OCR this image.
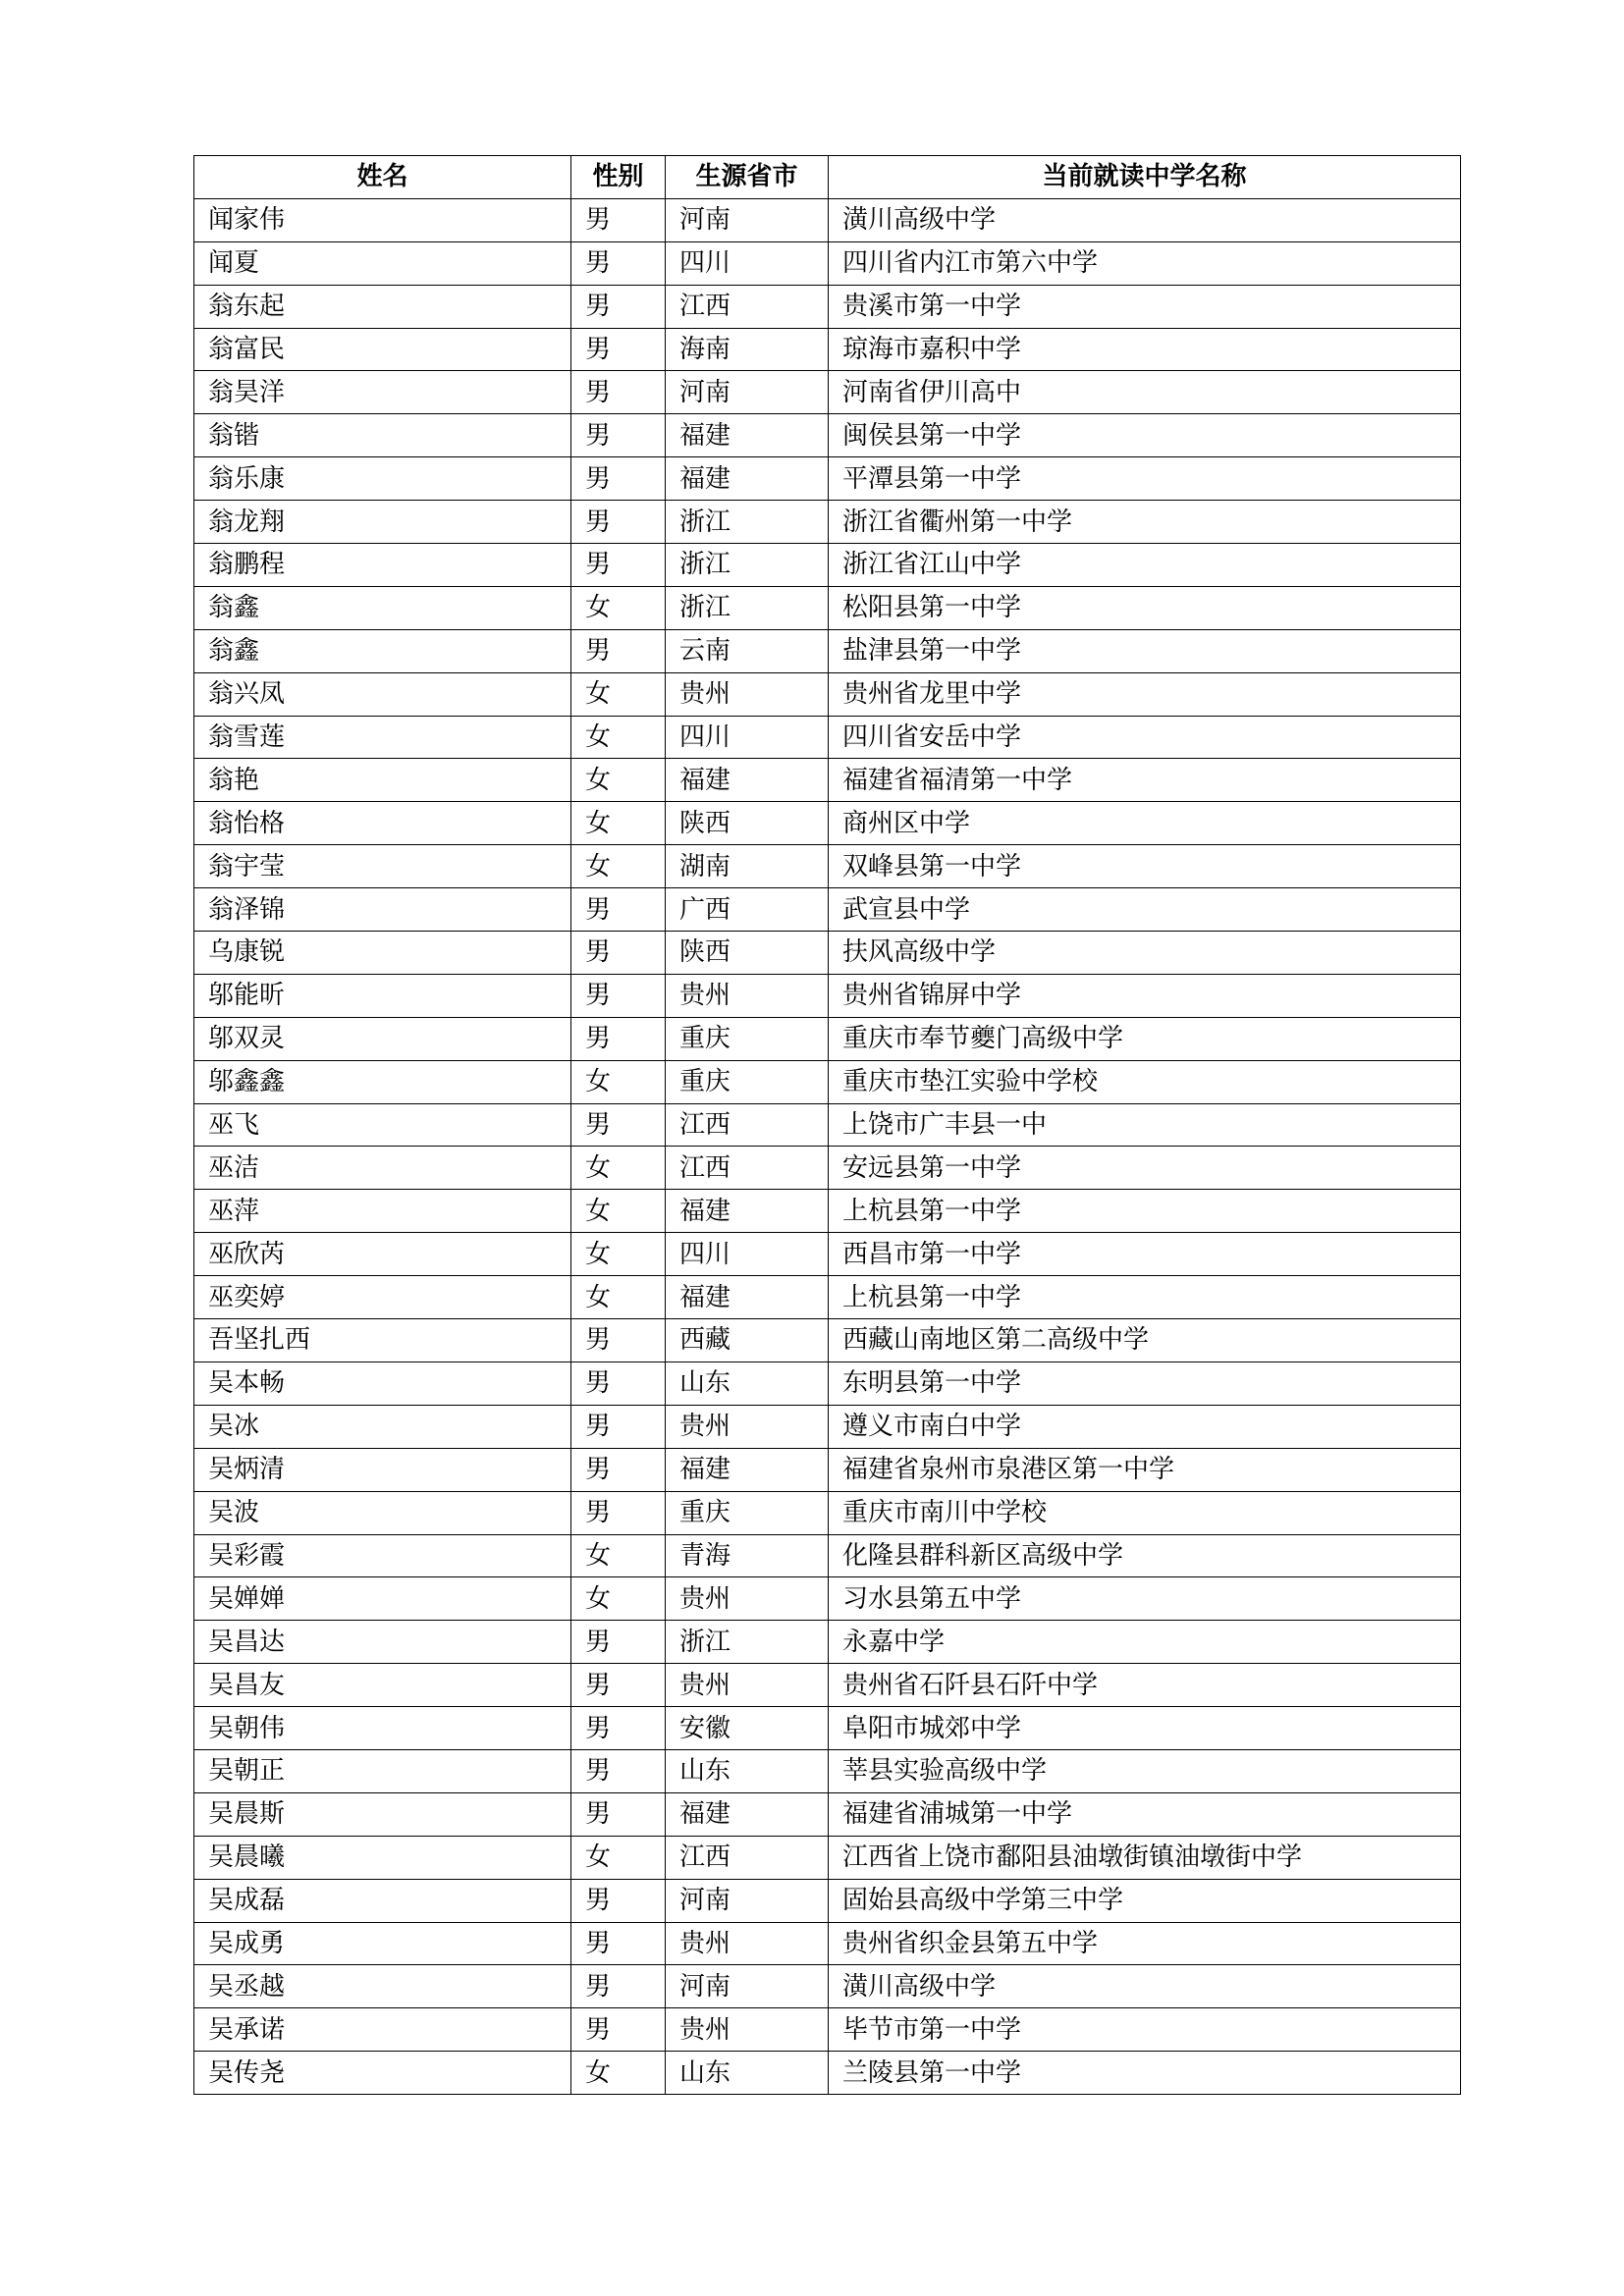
姓名	性别	生源省市	当前就读中学名称
闻家伟	男	河南	潢川高级中学
闻夏	男	四川	四川省内江市第六中学
翁东起	男	江西	贵溪市第一中学
翁富民	男	海南	琼海市嘉积中学
翁昊洋	男	河南	河南省伊川高中
翁锴	男	福建	闽侯县第一中学
翁乐康	男	福建	平潭县第一中学
翁龙翔	男	浙江	浙江省衢州第一中学
翁鹏程	男	浙江	浙江省江山中学
翁鑫	女	浙江	松阳县第一中学
翁鑫	男	云南	盐津县第一中学
翁兴凤	女	贵州	贵州省龙里中学
翁雪莲	女	四川	四川省安岳中学
翁艳	女	福建	福建省福清第一中学
翁怡格	女	陕西	商州区中学
翁宇莹	女	湖南	双峰县第一中学
翁泽锦	男	广西	武宣县中学
乌康锐	男	陕西	扶风高级中学
邬能昕	男	贵州	贵州省锦屏中学
邬双灵	男	重庆	重庆市奉节夔门高级中学
邬鑫鑫	女	重庆	重庆市垫江实验中学校
巫飞	男	江西	上饶市广丰县一中
巫洁	女	江西	安远县第一中学
巫萍	女	福建	上杭县第一中学
巫欣芮	女	四川	西昌市第一中学
巫奕婷	女	福建	上杭县第一中学
吾坚扎西	男	西藏	西藏山南地区第二高级中学
吴本畅	男	山东	东明县第一中学
吴冰	男	贵州	遵义市南白中学
吴炳清	男	福建	福建省泉州市泉港区第一中学
吴波	男	重庆	重庆市南川中学校
吴彩霞	女	青海	化隆县群科新区高级中学
吴婵婵	女	贵州	习水县第五中学
吴昌达	男	浙江	永嘉中学
吴昌友	男	贵州	贵州省石阡县石阡中学
吴朝伟	男	安徽	阜阳市城郊中学
吴朝正	男	山东	莘县实验高级中学
吴晨斯	男	福建	福建省浦城第一中学
吴晨曦	女	江西	江西省上饶市鄱阳县油墩街镇油墩街中学
吴成磊	男	河南	固始县高级中学第三中学
吴成勇	男	贵州	贵州省织金县第五中学
吴丞越	男	河南	潢川高级中学
吴承诺	男	贵州	毕节市第一中学
吴传尧	女	山东	兰陵县第一中学
